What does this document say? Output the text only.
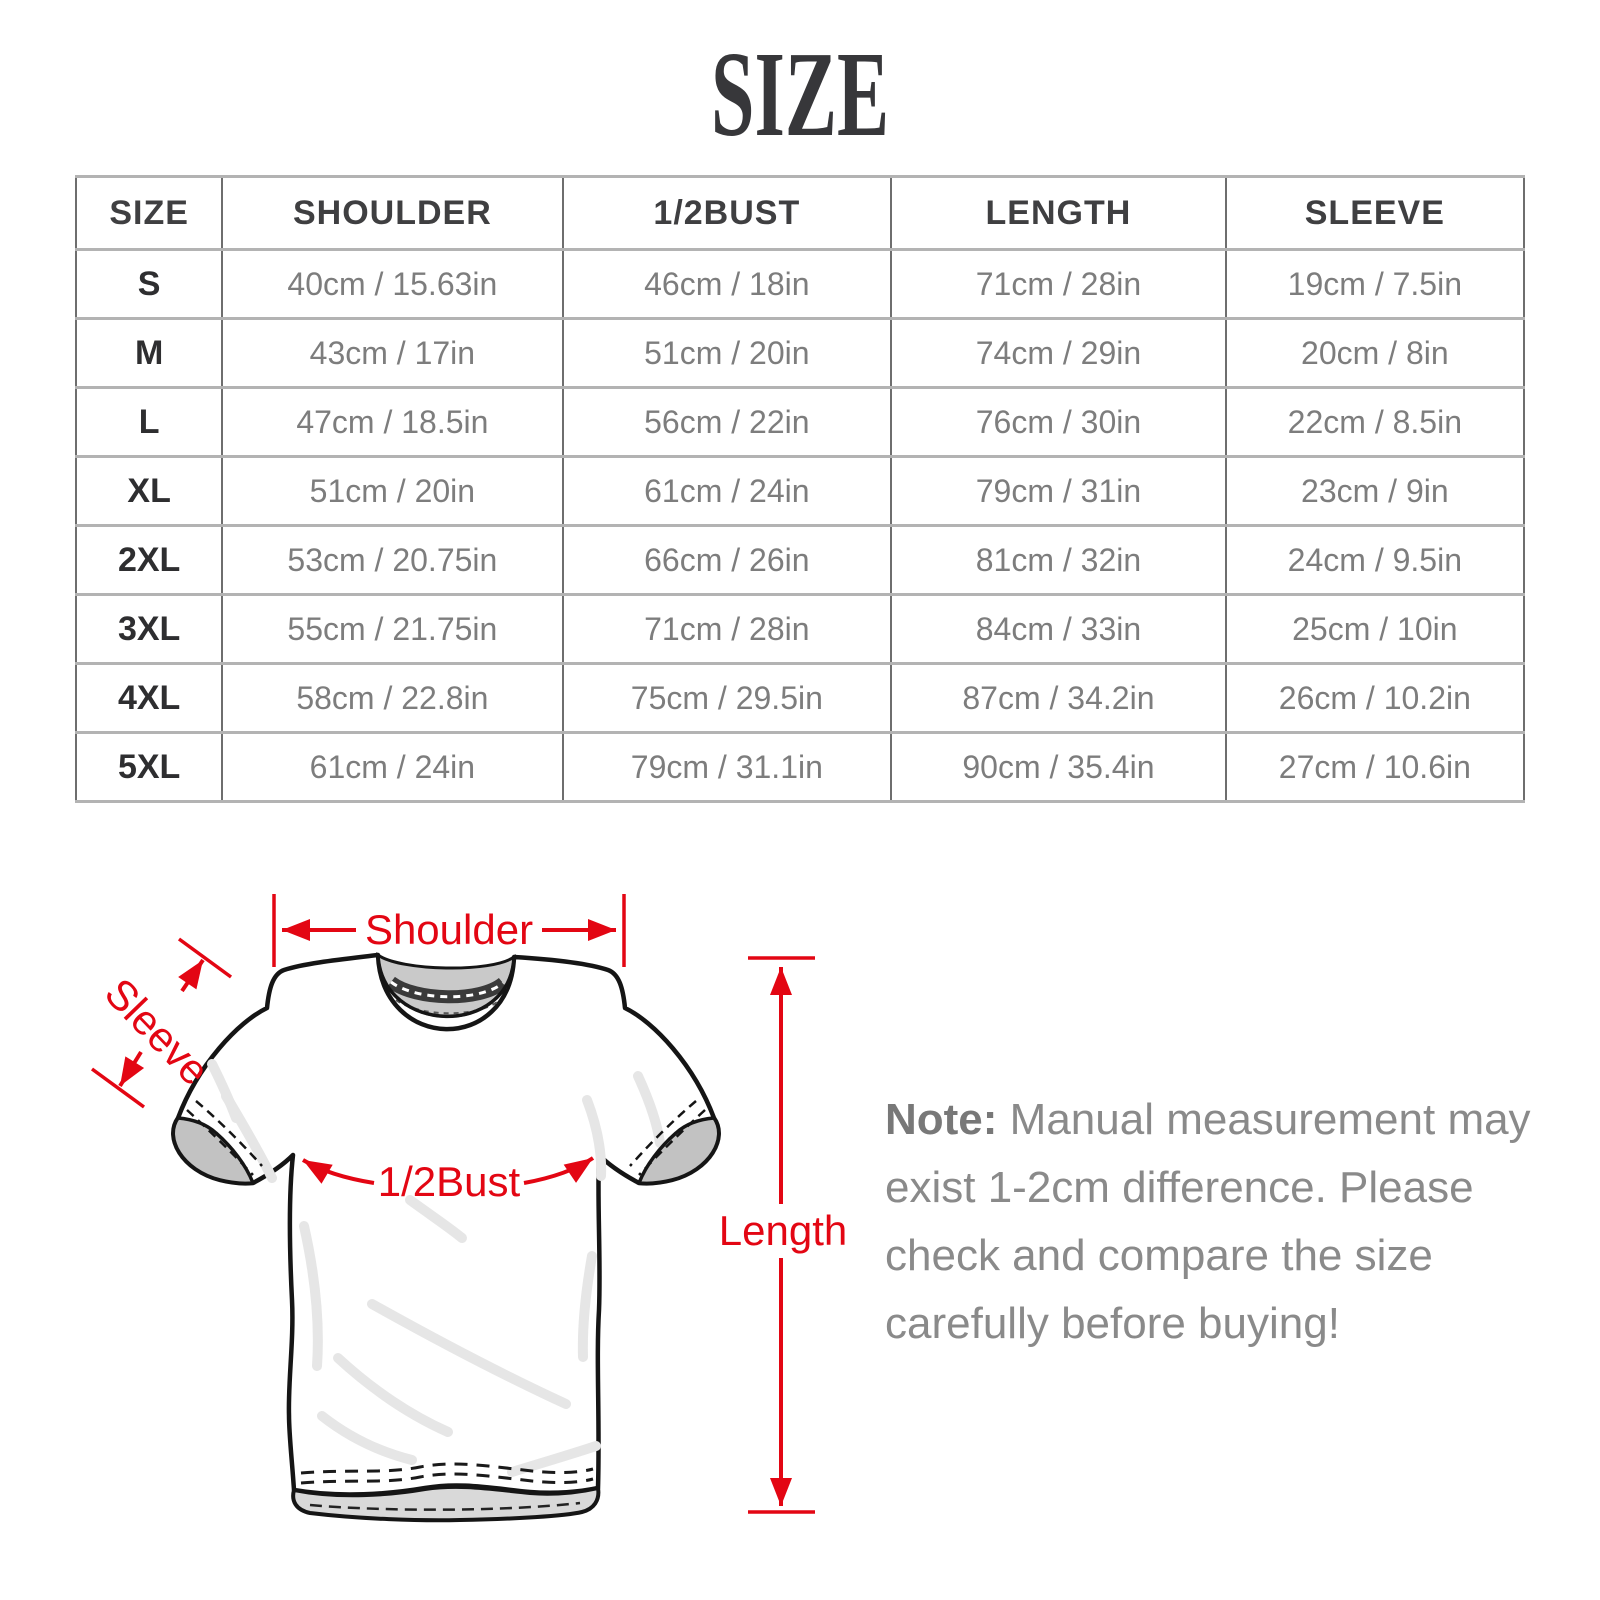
SIZE
SIZE	SHOULDER	1/2BUST	LENGTH	SLEEVE
S	40cm / 15.63in	46cm / 18in	71cm / 28in	19cm / 7.5in
M	43cm / 17in	51cm / 20in	74cm / 29in	20cm / 8in
L	47cm / 18.5in	56cm / 22in	76cm / 30in	22cm / 8.5in
XL	51cm / 20in	61cm / 24in	79cm / 31in	23cm / 9in
2XL	53cm / 20.75in	66cm / 26in	81cm / 32in	24cm / 9.5in
3XL	55cm / 21.75in	71cm / 28in	84cm / 33in	25cm / 10in
4XL	58cm / 22.8in	75cm / 29.5in	87cm / 34.2in	26cm / 10.2in
5XL	61cm / 24in	79cm / 31.1in	90cm / 35.4in	27cm / 10.6in
Shoulder
Sleeve
1/2Bust
Length

Note: Manual measurement may exist 1-2cm difference. Please check and compare the size carefully before buying!
